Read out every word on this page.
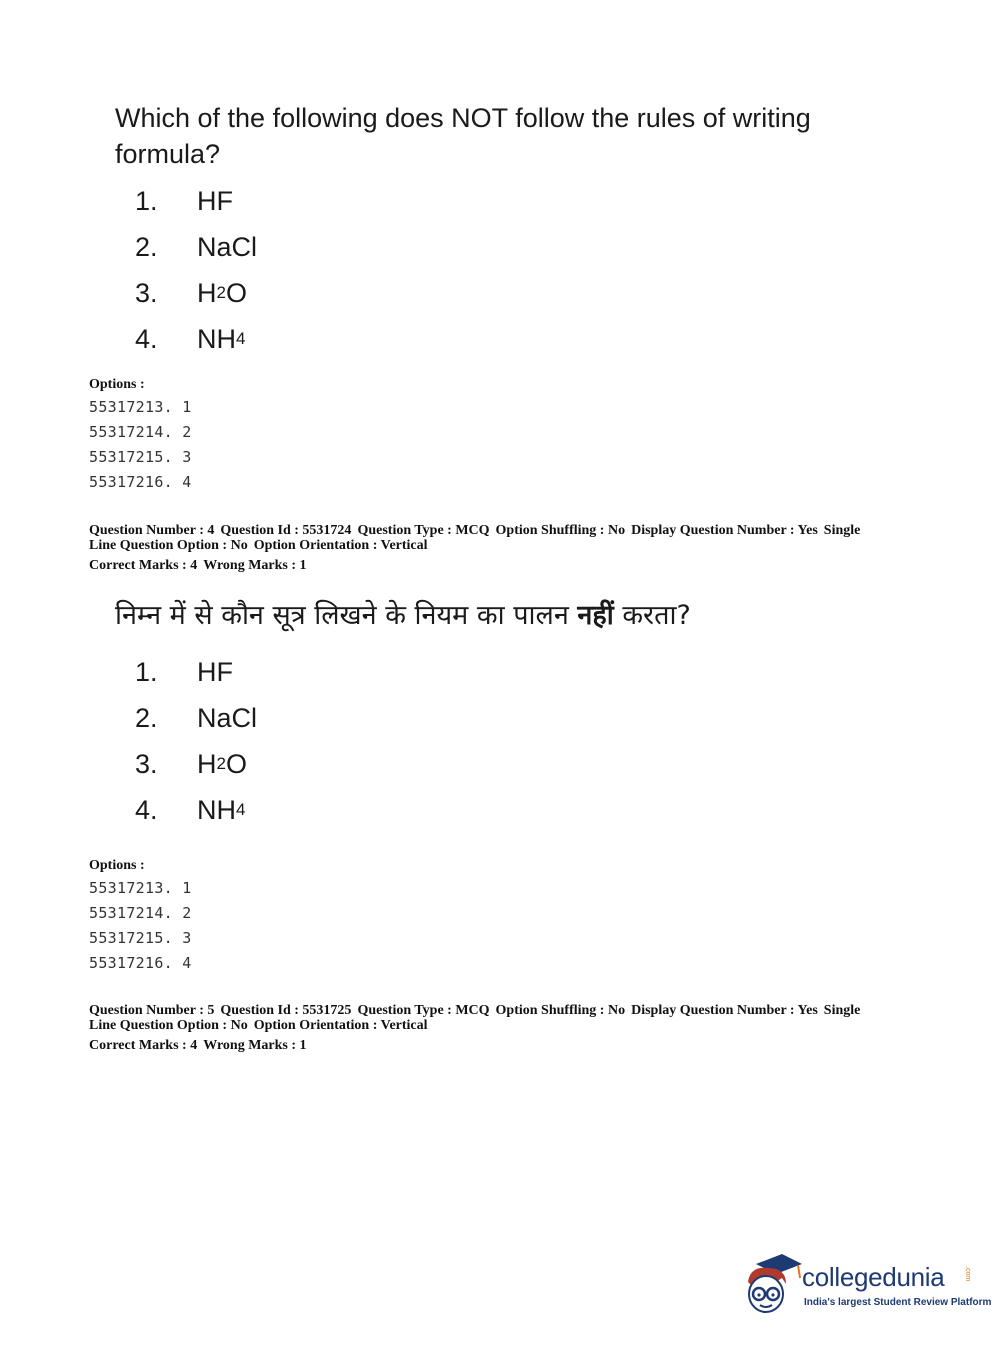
Which of the following does NOT follow the rules of writing formula?
1.	HF
2.	NaCl
3.	H 2 O
4.	NH 4
Options :
55317213. 1
55317214. 2
55317215. 3
55317216. 4
Question Number : 4 Question Id : 5531724 Question Type : MCQ Option Shuffling : No Display Question Number : Yes Single
Line Question Option : No Option Orientation : Vertical
Correct Marks : 4 Wrong Marks : 1
निम्न में से कौन सूत्र लिखने के नियम का पालन नहीं करता?
1.	HF
2.	NaCl
3.	H 2 O
4.	NH 4
Options :
55317213. 1
55317214. 2
55317215. 3
55317216. 4
Question Number : 5 Question Id : 5531725 Question Type : MCQ Option Shuffling : No Display Question Number : Yes Single
Line Question Option : No Option Orientation : Vertical
Correct Marks : 4 Wrong Marks : 1
collegedunia	.com
India's largest Student Review Platform
